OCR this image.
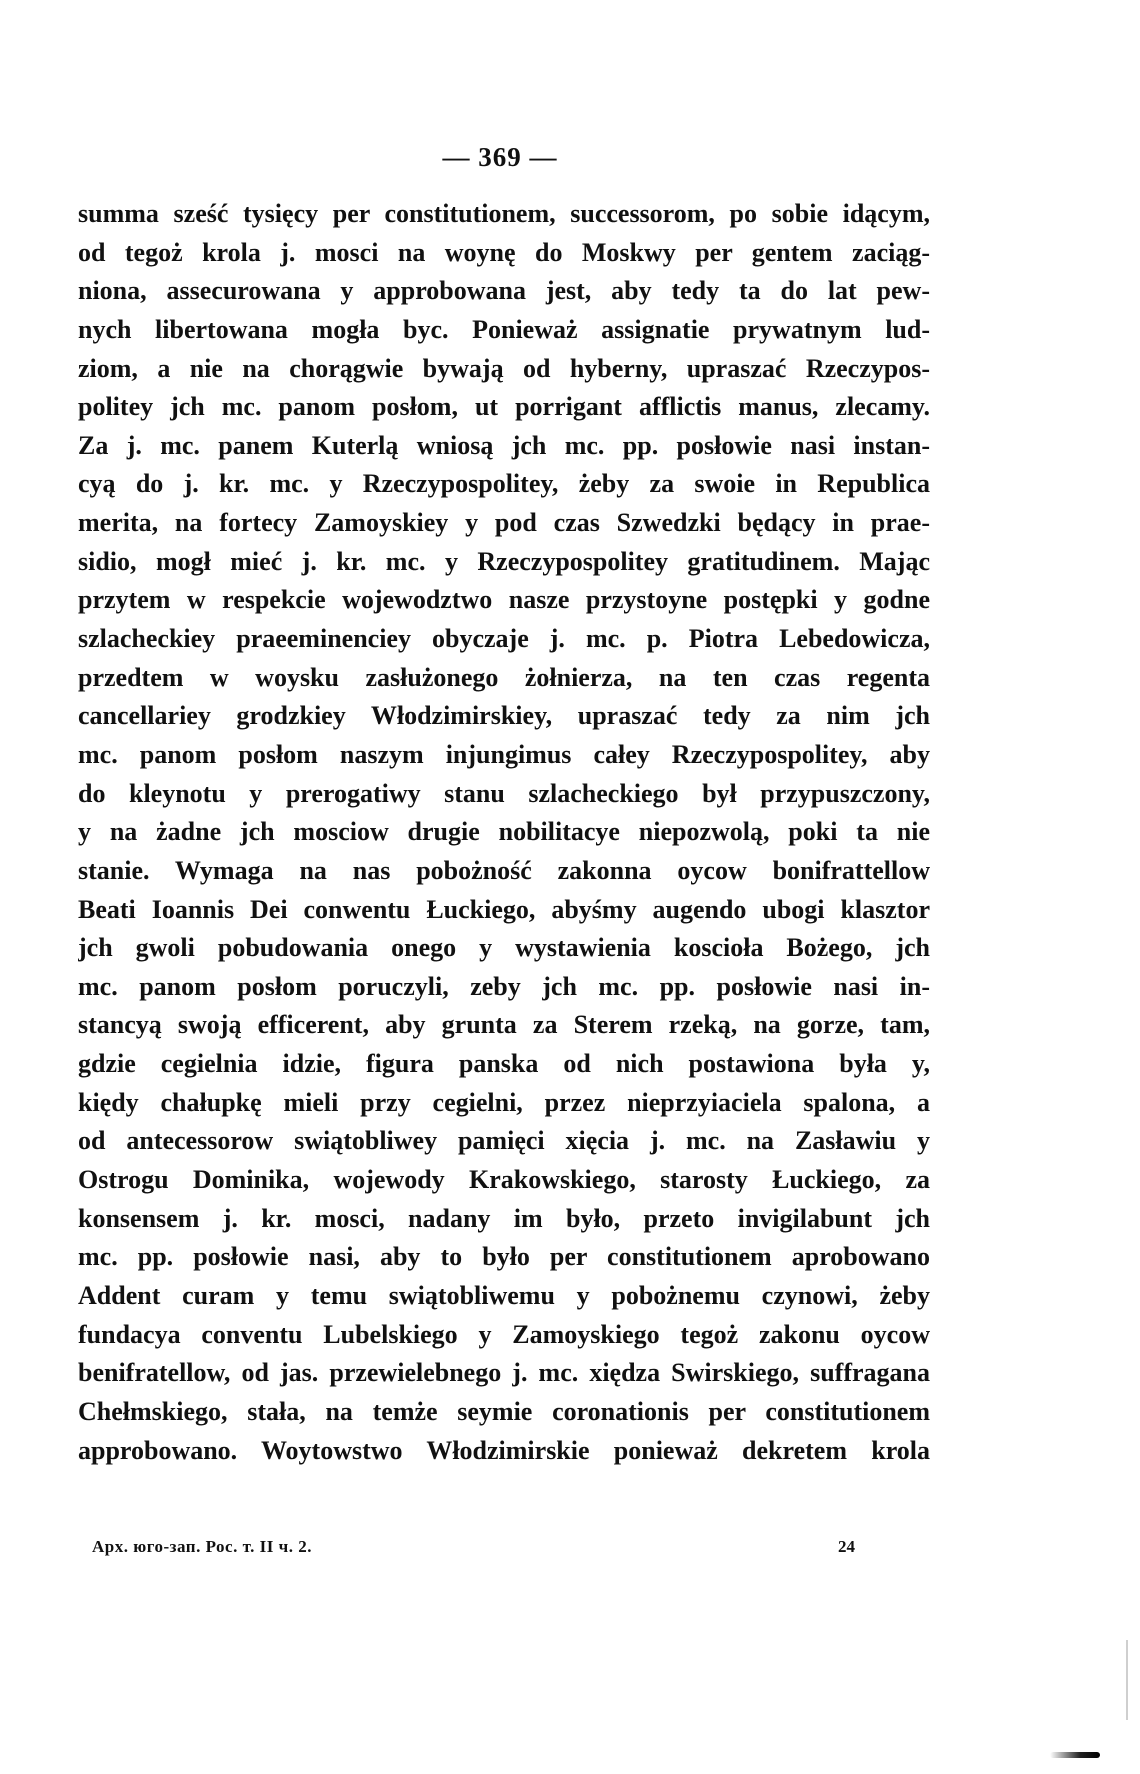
— 369 —
summa sześć tysięcy per constitutionem, successorom, po sobie idącym,
od tegoż krola j. mosci na woynę do Moskwy per gentem zaciąg-
niona, assecurowana y approbowana jest, aby tedy ta do lat pew-
nych libertowana mogła byc. Ponieważ assignatie prywatnym lud-
ziom, a nie na chorągwie bywają od hyberny, upraszać Rzeczypos-
politey jch mc. panom posłom, ut porrigant afflictis manus, zlecamy.
Za j. mc. panem Kuterlą wniosą jch mc. pp. posłowie nasi instan-
cyą do j. kr. mc. y Rzeczypospolitey, żeby za swoie in Republica
merita, na fortecy Zamoyskiey y pod czas Szwedzki będący in prae-
sidio, mogł mieć j. kr. mc. y Rzeczypospolitey gratitudinem. Mając
przytem w respekcie wojewodztwo nasze przystoyne postępki y godne
szlacheckiey praeeminenciey obyczaje j. mc. p. Piotra Lebedowicza,
przedtem w woysku zasłużonego żołnierza, na ten czas regenta
cancellariey grodzkiey Włodzimirskiey, upraszać tedy za nim jch
mc. panom posłom naszym injungimus całey Rzeczypospolitey, aby
do kleynotu y prerogatiwy stanu szlacheckiego był przypuszczony,
y na żadne jch mosciow drugie nobilitacye niepozwolą, poki ta nie
stanie. Wymaga na nas pobożność zakonna oycow bonifrattellow
Beati Ioannis Dei conwentu Łuckiego, abyśmy augendo ubogi klasztor
jch gwoli pobudowania onego y wystawienia koscioła Bożego, jch
mc. panom posłom poruczyli, zeby jch mc. pp. posłowie nasi in-
stancyą swoją efficerent, aby grunta za Sterem rzeką, na gorze, tam,
gdzie cegielnia idzie, figura panska od nich postawiona była y,
kiędy chałupkę mieli przy cegielni, przez nieprzyiaciela spalona, a
od antecessorow swiątobliwey pamięci xięcia j. mc. na Zasławiu y
Ostrogu Dominika, wojewody Krakowskiego, starosty Łuckiego, za
konsensem j. kr. mosci, nadany im było, przeto invigilabunt jch
mc. pp. posłowie nasi, aby to było per constitutionem aprobowano
Addent curam y temu swiątobliwemu y pobożnemu czynowi, żeby
fundacya conventu Lubelskiego y Zamoyskiego tegoż zakonu oycow
benifratellow, od jas. przewielebnego j. mc. xiędza Swirskiego, suffragana
Chełmskiego, stała, na temże seymie coronationis per constitutionem
approbowano. Woytowstwo Włodzimirskie ponieważ dekretem krola
Арх. юго-зап. Рос. т. II ч. 2.	24
